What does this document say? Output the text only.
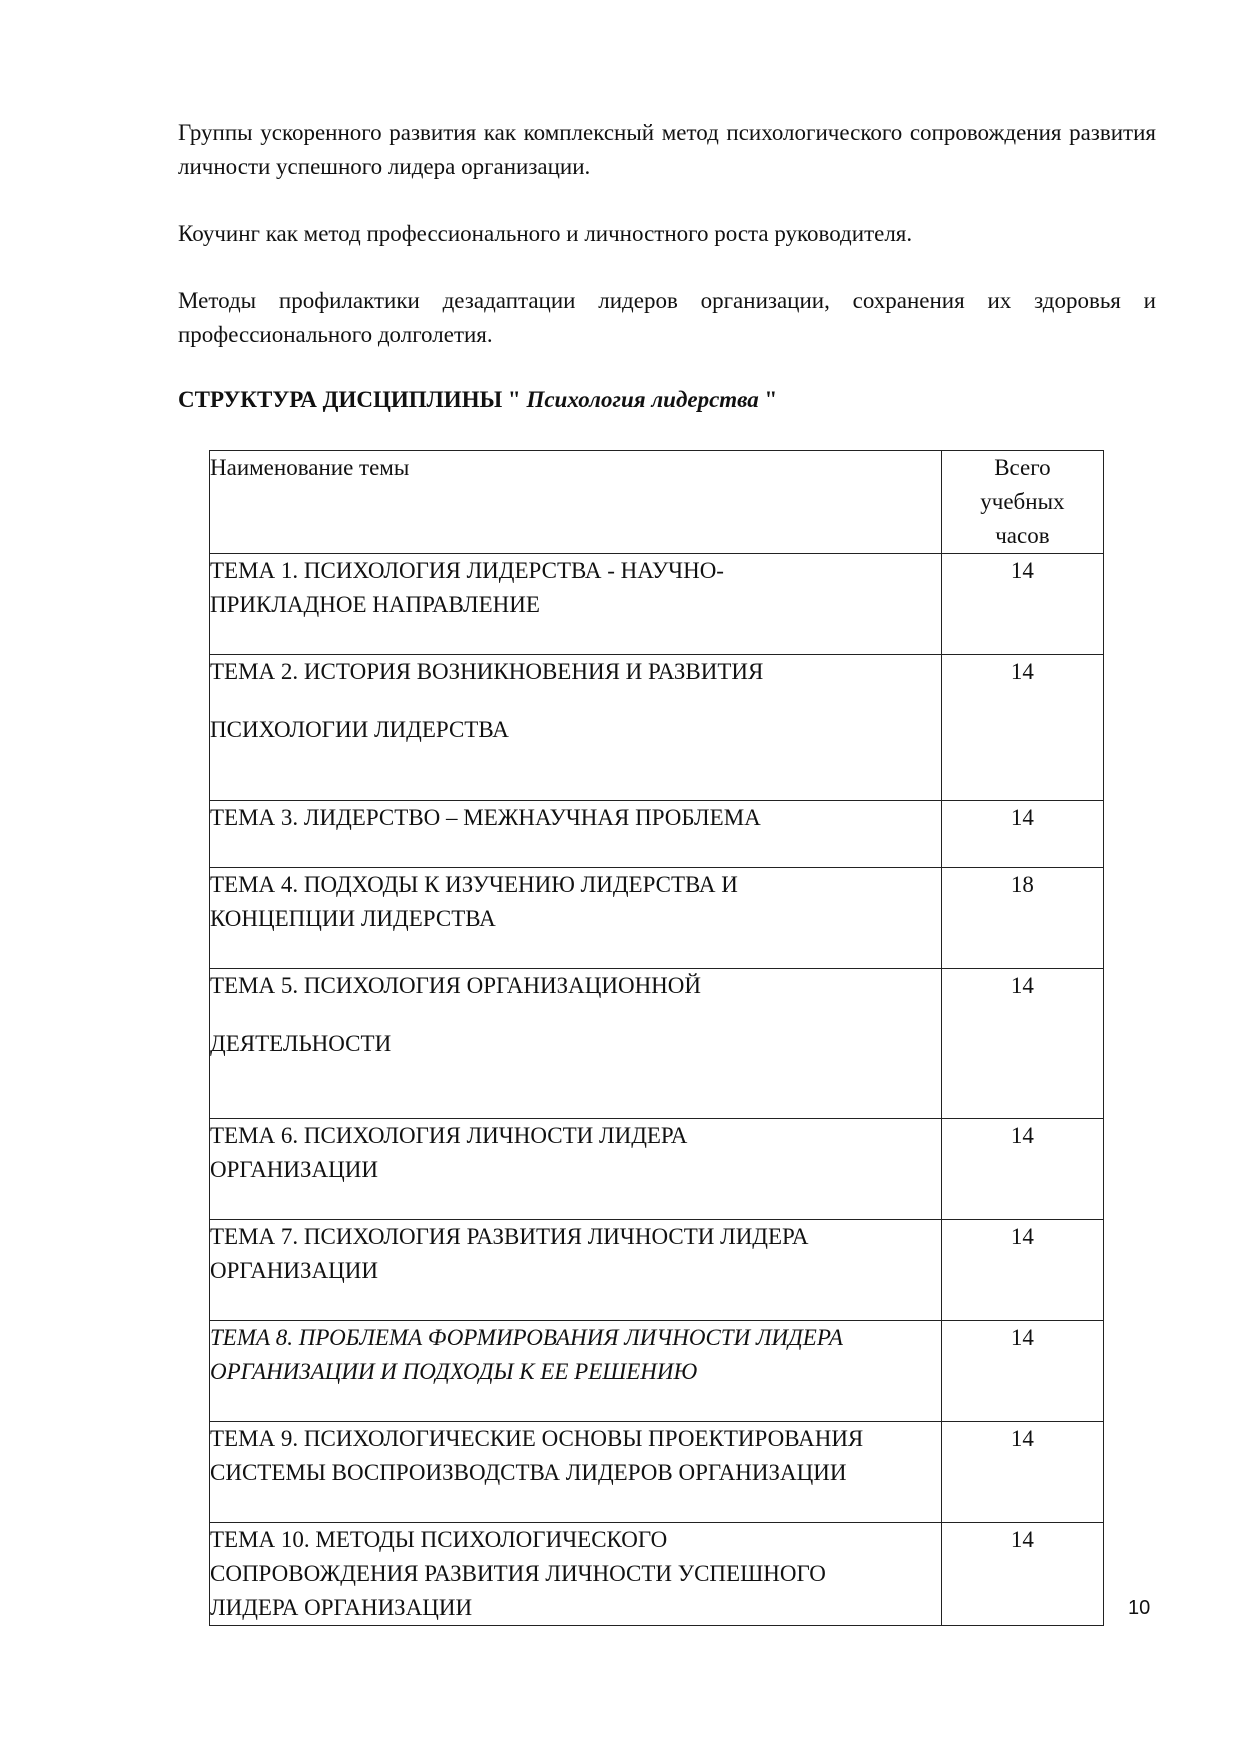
Группы ускоренного развития как комплексный метод психологического сопровождения развития личности успешного лидера организации.

Коучинг как метод профессионального и личностного роста руководителя.

Методы профилактики дезадаптации лидеров организации, сохранения их здоровья и профессионального долголетия.

СТРУКТУРА ДИСЦИПЛИНЫ " Психология лидерства "

Наименование темы	Всего
учебных
часов
ТЕМА 1. ПСИХОЛОГИЯ ЛИДЕРСТВА - НАУЧНО-
ПРИКЛАДНОЕ НАПРАВЛЕНИЕ	14
ТЕМА 2. ИСТОРИЯ ВОЗНИКНОВЕНИЯ И РАЗВИТИЯ
ПСИХОЛОГИИ ЛИДЕРСТВА	14
ТЕМА 3. ЛИДЕРСТВО – МЕЖНАУЧНАЯ ПРОБЛЕМА	14
ТЕМА 4. ПОДХОДЫ К ИЗУЧЕНИЮ ЛИДЕРСТВА И
КОНЦЕПЦИИ ЛИДЕРСТВА	18
ТЕМА 5. ПСИХОЛОГИЯ ОРГАНИЗАЦИОННОЙ
ДЕЯТЕЛЬНОСТИ	14
ТЕМА 6. ПСИХОЛОГИЯ ЛИЧНОСТИ ЛИДЕРА
ОРГАНИЗАЦИИ	14
ТЕМА 7. ПСИХОЛОГИЯ РАЗВИТИЯ ЛИЧНОСТИ ЛИДЕРА
ОРГАНИЗАЦИИ	14
ТЕМА 8. ПРОБЛЕМА ФОРМИРОВАНИЯ ЛИЧНОСТИ ЛИДЕРА
ОРГАНИЗАЦИИ И ПОДХОДЫ К ЕЕ РЕШЕНИЮ	14
ТЕМА 9. ПСИХОЛОГИЧЕСКИЕ ОСНОВЫ ПРОЕКТИРОВАНИЯ
СИСТЕМЫ ВОСПРОИЗВОДСТВА ЛИДЕРОВ ОРГАНИЗАЦИИ	14
ТЕМА 10. МЕТОДЫ ПСИХОЛОГИЧЕСКОГО
СОПРОВОЖДЕНИЯ РАЗВИТИЯ ЛИЧНОСТИ УСПЕШНОГО
ЛИДЕРА ОРГАНИЗАЦИИ	14
10
